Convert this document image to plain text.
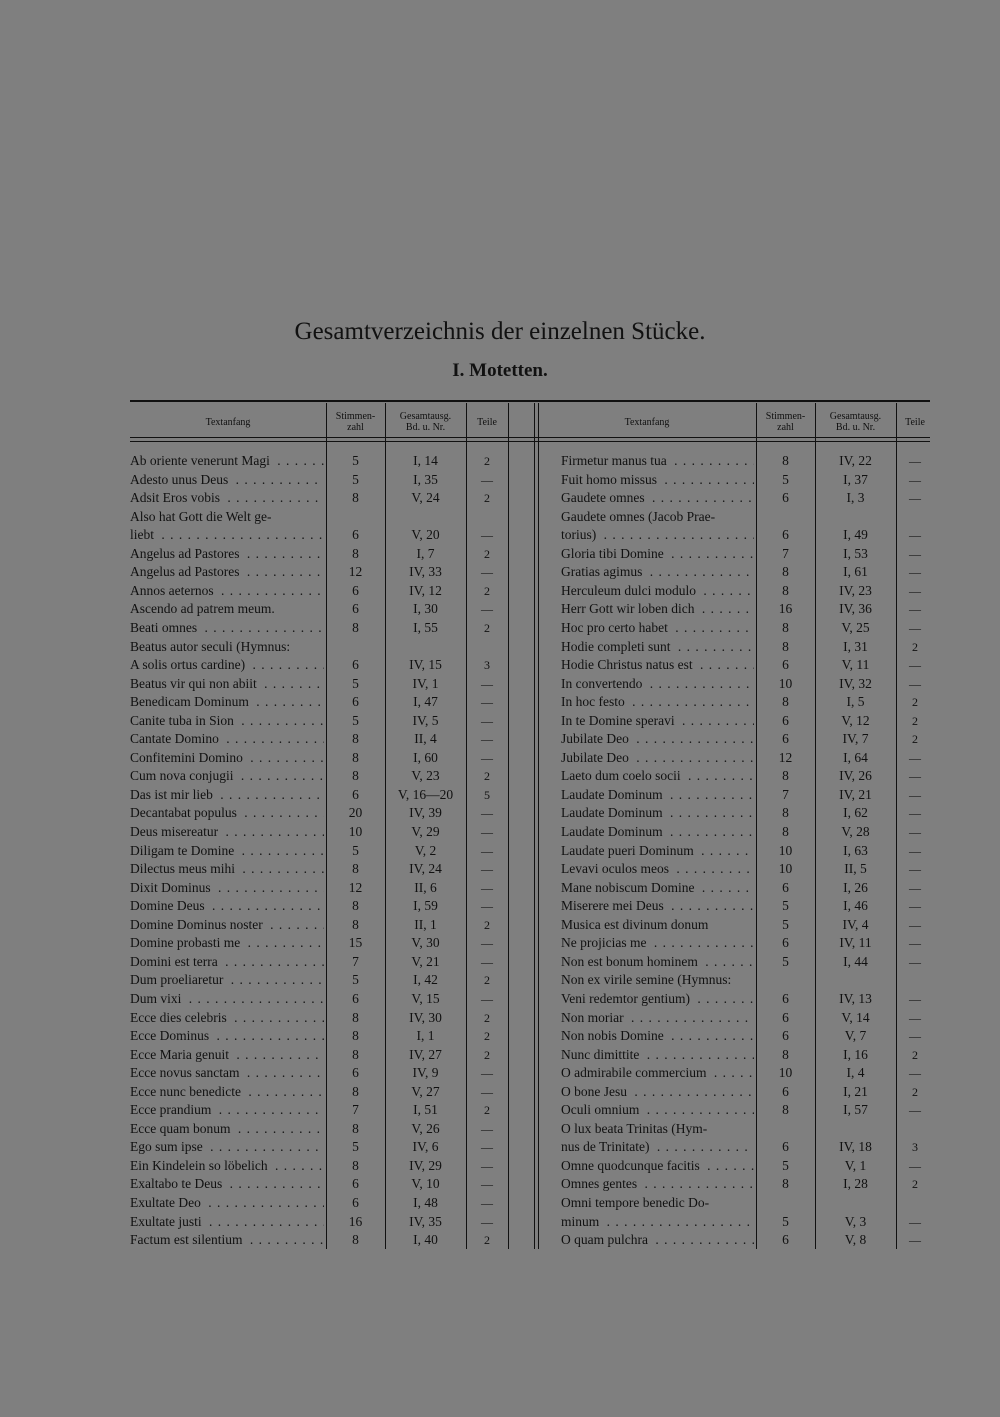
Gesamtverzeichnis der einzelnen Stücke.
I. Motetten.
Textanfang	Stimmen-
zahl
Gesamtausg.
Bd. u. Nr.	Teile	Textanfang	Stimmen-
zahl
Gesamtausg.
Bd. u. Nr.	Teile
Ab oriente venerunt Magi . . .	5	I, 14	2
Adesto unus Deus . . .	5	I, 35	—
Adsit Eros vobis . . .	8	V, 24	2
Also hat Gott die Welt ge-
liebt . . .	6	V, 20	—
Angelus ad Pastores . . .	8	I, 7	2
Angelus ad Pastores . . .	12	IV, 33	—
Annos aeternos . . .	6	IV, 12	2
Ascendo ad patrem meum.	6	I, 30	—
Beati omnes . . .	8	I, 55	2
Beatus autor seculi (Hymnus:
A solis ortus cardine) . . .	6	IV, 15	3
Beatus vir qui non abiit . . .	5	IV, 1	—
Benedicam Dominum . . .	6	I, 47	—
Canite tuba in Sion . . .	5	IV, 5	—
Cantate Domino . . .	8	II, 4	—
Confitemini Domino . . .	8	I, 60	—
Cum nova conjugii . . .	8	V, 23	2
Das ist mir lieb . . .	6	V, 16—20	5
Decantabat populus . . .	20	IV, 39	—
Deus misereatur . . .	10	V, 29	—
Diligam te Domine . . .	5	V, 2	—
Dilectus meus mihi . . .	8	IV, 24	—
Dixit Dominus . . .	12	II, 6	—
Domine Deus . . .	8	I, 59	—
Domine Dominus noster . . .	8	II, 1	2
Domine probasti me . . .	15	V, 30	—
Domini est terra . . .	7	V, 21	—
Dum proeliaretur . . .	5	I, 42	2
Dum vixi . . .	6	V, 15	—
Ecce dies celebris . . .	8	IV, 30	2
Ecce Dominus . . .	8	I, 1	2
Ecce Maria genuit . . .	8	IV, 27	2
Ecce novus sanctam . . .	6	IV, 9	—
Ecce nunc benedicte . . .	8	V, 27	—
Ecce prandium . . .	7	I, 51	2
Ecce quam bonum . . .	8	V, 26	—
Ego sum ipse . . .	5	IV, 6	—
Ein Kindelein so löbelich . . .	8	IV, 29	—
Exaltabo te Deus . . .	6	V, 10	—
Exultate Deo . . .	6	I, 48	—
Exultate justi . . .	16	IV, 35	—
Factum est silentium . . .	8	I, 40	2
Firmetur manus tua . . .	8	IV, 22	—
Fuit homo missus . . .	5	I, 37	—
Gaudete omnes . . .	6	I, 3	—
Gaudete omnes (Jacob Prae-
torius) . . .	6	I, 49	—
Gloria tibi Domine . . .	7	I, 53	—
Gratias agimus . . .	8	I, 61	—
Herculeum dulci modulo . . .	8	IV, 23	—
Herr Gott wir loben dich . . .	16	IV, 36	—
Hoc pro certo habet . . .	8	V, 25	—
Hodie completi sunt . . .	8	I, 31	2
Hodie Christus natus est . . .	6	V, 11	—
In convertendo . . .	10	IV, 32	—
In hoc festo . . .	8	I, 5	2
In te Domine speravi . . .	6	V, 12	2
Jubilate Deo . . .	6	IV, 7	2
Jubilate Deo . . .	12	I, 64	—
Laeto dum coelo socii . . .	8	IV, 26	—
Laudate Dominum . . .	7	IV, 21	—
Laudate Dominum . . .	8	I, 62	—
Laudate Dominum . . .	8	V, 28	—
Laudate pueri Dominum . . .	10	I, 63	—
Levavi oculos meos . . .	10	II, 5	—
Mane nobiscum Domine . . .	6	I, 26	—
Miserere mei Deus . . .	5	I, 46	—
Musica est divinum donum	5	IV, 4	—
Ne projicias me . . .	6	IV, 11	—
Non est bonum hominem . . .	5	I, 44	—
Non ex virile semine (Hymnus:
Veni redemtor gentium) . . .	6	IV, 13	—
Non moriar . . .	6	V, 14	—
Non nobis Domine . . .	6	V, 7	—
Nunc dimittite . . .	8	I, 16	2
O admirabile commercium . . .	10	I, 4	—
O bone Jesu . . .	6	I, 21	2
Oculi omnium . . .	8	I, 57	—
O lux beata Trinitas (Hym-
nus de Trinitate) . . .	6	IV, 18	3
Omne quodcunque facitis . . .	5	V, 1	—
Omnes gentes . . .	8	I, 28	2
Omni tempore benedic Do-
minum . . .	5	V, 3	—
O quam pulchra . . .	6	V, 8	—
